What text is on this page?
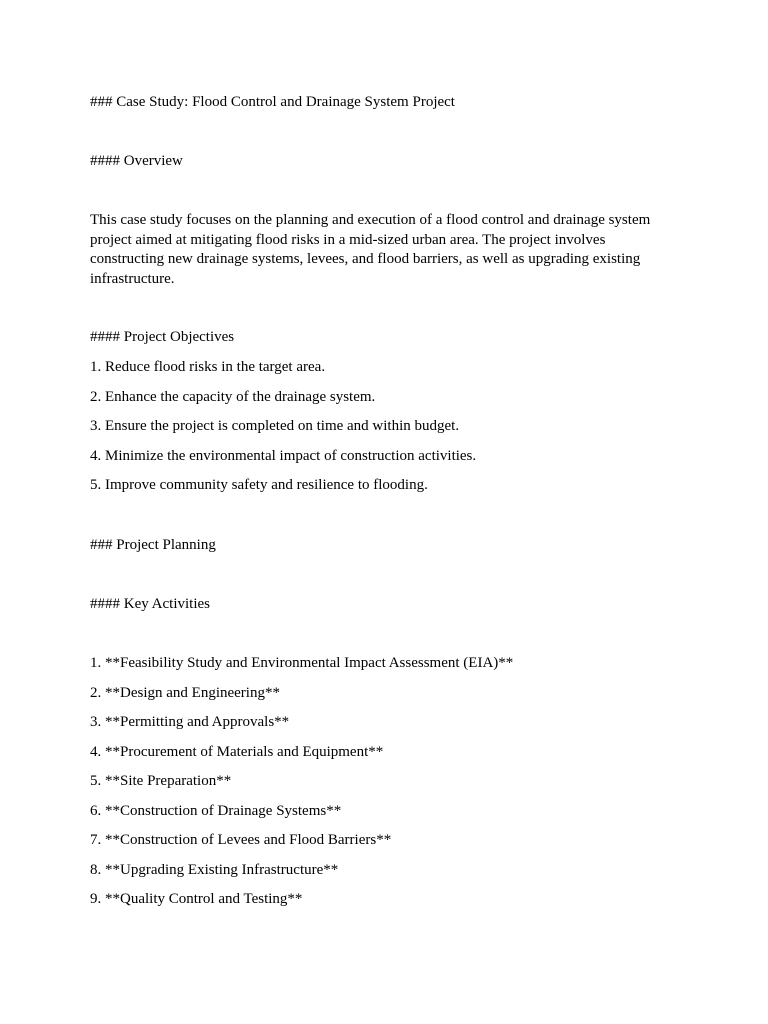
### Case Study: Flood Control and Drainage System Project
#### Overview
This case study focuses on the planning and execution of a flood control and drainage system
project aimed at mitigating flood risks in a mid-sized urban area. The project involves
constructing new drainage systems, levees, and flood barriers, as well as upgrading existing
infrastructure.
#### Project Objectives
1. Reduce flood risks in the target area.
2. Enhance the capacity of the drainage system.
3. Ensure the project is completed on time and within budget.
4. Minimize the environmental impact of construction activities.
5. Improve community safety and resilience to flooding.
### Project Planning
#### Key Activities
1. **Feasibility Study and Environmental Impact Assessment (EIA)**
2. **Design and Engineering**
3. **Permitting and Approvals**
4. **Procurement of Materials and Equipment**
5. **Site Preparation**
6. **Construction of Drainage Systems**
7. **Construction of Levees and Flood Barriers**
8. **Upgrading Existing Infrastructure**
9. **Quality Control and Testing**
